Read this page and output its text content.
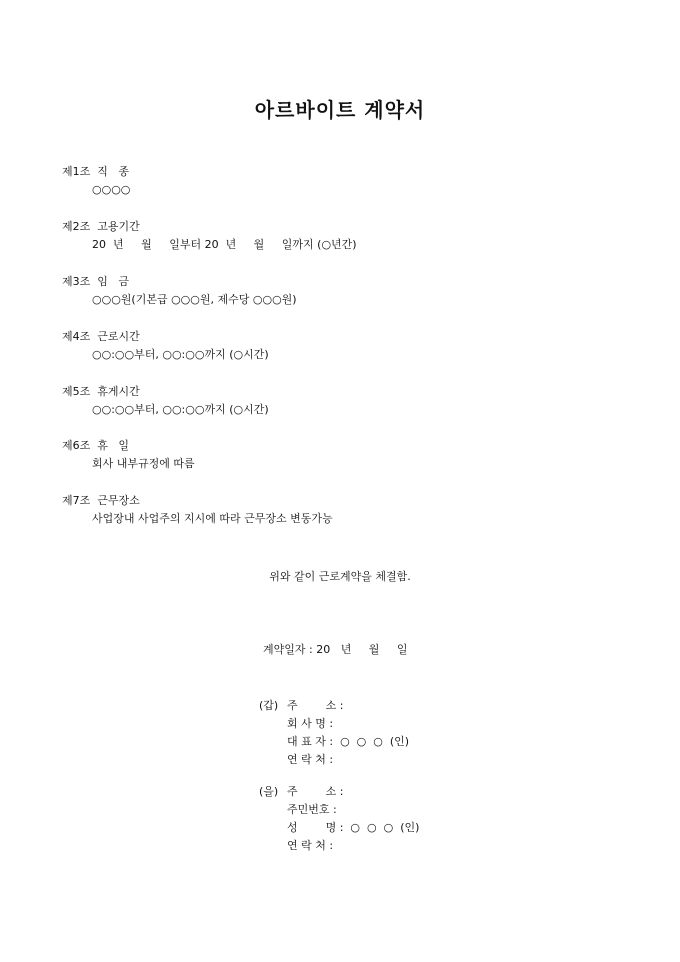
아르바이트 계약서
제1조  직   종
○○○○
제2조  고용기간
20  년     월     일부터 20  년     월     일까지 (○년간)
제3조  임   금
○○○원(기본급 ○○○원, 제수당 ○○○원)
제4조  근로시간
○○:○○부터, ○○:○○까지 (○시간)
제5조  휴게시간
○○:○○부터, ○○:○○까지 (○시간)
제6조  휴   일
회사 내부규정에 따름
제7조  근무장소
사업장내 사업주의 지시에 따라 근무장소 변동가능
위와 같이 근로계약을 체결함.
계약일자 : 20   년     월     일
(갑) 주        소 :
회 사 명 :
대 표 자 :  ○  ○  ○  (인)
연 락 처 :
(을) 주        소 :
주민번호 :
성        명 :  ○  ○  ○  (인)
연 락 처 :
